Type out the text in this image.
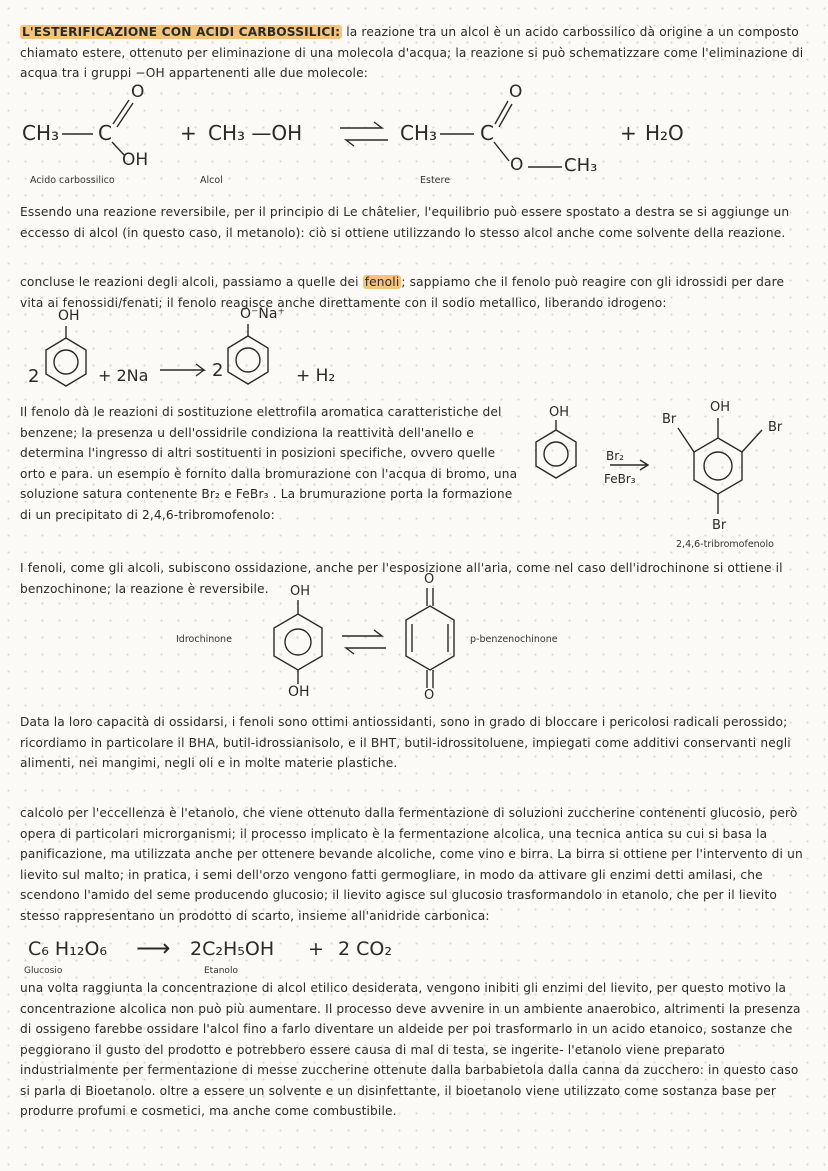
L'ESTERIFICAZIONE CON ACIDI CARBOSSILICI: la reazione tra un alcol è un acido carbossilico dà origine a un composto chiamato estere, ottenuto per eliminazione di una molecola d'acqua; la reazione si può schematizzare come l'eliminazione di acqua tra i gruppi −OH appartenenti alle due molecole:
CH₃ C
O
OH
+ CH₃ —OH	CH₃ C
O
O CH₃
+ H₂O
Acido carbossilico	Alcol	Estere
Essendo una reazione reversibile, per il principio di Le châtelier, l'equilibrio può essere spostato a destra se si aggiunge un eccesso di alcol (in questo caso, il metanolo): ciò si ottiene utilizzando lo stesso alcol anche come solvente della reazione.
concluse le reazioni degli alcoli, passiamo a quelle dei fenoli ; sappiamo che il fenolo può reagire con gli idrossidi per dare vita ai fenossidi/fenati; il fenolo reagisce anche direttamente con il sodio metallico, liberando idrogeno:
2
OH
+ 2Na	2
O⁻Na⁺
+ H₂
Il fenolo dà le reazioni di sostituzione elettrofila aromatica caratteristiche del benzene; la presenza u dell'ossidrile condiziona la reattività dell'anello e determina l'ingresso di altri sostituenti in posizioni specifiche, ovvero quelle orto e para. un esempio è fornito dalla bromurazione con l'acqua di bromo, una soluzione satura contenente Br₂ e FeBr₃ . La brumurazione porta la formazione di un precipitato di 2,4,6-tribromofenolo:
OH
Br₂
FeBr₃
OH
Br
Br
Br
2,4,6-tribromofenolo
I fenoli, come gli alcoli, subiscono ossidazione, anche per l'esposizione all'aria, come nel caso dell'idrochinone si ottiene il benzochinone; la reazione è reversibile.
Idrochinone	p-benzenochinone
OH
OH
O
O
Data la loro capacità di ossidarsi, i fenoli sono ottimi antiossidanti, sono in grado di bloccare i pericolosi radicali perossido; ricordiamo in particolare il BHA, butil-idrossianisolo, e il BHT, butil-idrossitoluene, impiegati come additivi conservanti negli alimenti, nei mangimi, negli oli e in molte materie plastiche.
calcolo per l'eccellenza è l'etanolo, che viene ottenuto dalla fermentazione di soluzioni zuccherine contenenti glucosio, però opera di particolari microrganismi; il processo implicato è la fermentazione alcolica, una tecnica antica su cui si basa la panificazione, ma utilizzata anche per ottenere bevande alcoliche, come vino e birra. La birra si ottiene per l'intervento di un lievito sul malto; in pratica, i semi dell'orzo vengono fatti germogliare, in modo da attivare gli enzimi detti amilasi, che scendono l'amido del seme producendo glucosio; il lievito agisce sul glucosio trasformandolo in etanolo, che per il lievito stesso rappresentano un prodotto di scarto, insieme all'anidride carbonica:
C₆ H₁₂O₆ ⟶ 2C₂H₅OH + 2 CO₂
Glucosio	Etanolo
una volta raggiunta la concentrazione di alcol etilico desiderata, vengono inibiti gli enzimi del lievito, per questo motivo la concentrazione alcolica non può più aumentare. Il processo deve avvenire in un ambiente anaerobico, altrimenti la presenza di ossigeno farebbe ossidare l'alcol fino a farlo diventare un aldeide per poi trasformarlo in un acido etanoico, sostanze che peggiorano il gusto del prodotto e potrebbero essere causa di mal di testa, se ingerite- l'etanolo viene preparato industrialmente per fermentazione di messe zuccherine ottenute dalla barbabietola dalla canna da zucchero: in questo caso si parla di Bioetanolo. oltre a essere un solvente e un disinfettante, il bioetanolo viene utilizzato come sostanza base per produrre profumi e cosmetici, ma anche come combustibile.
